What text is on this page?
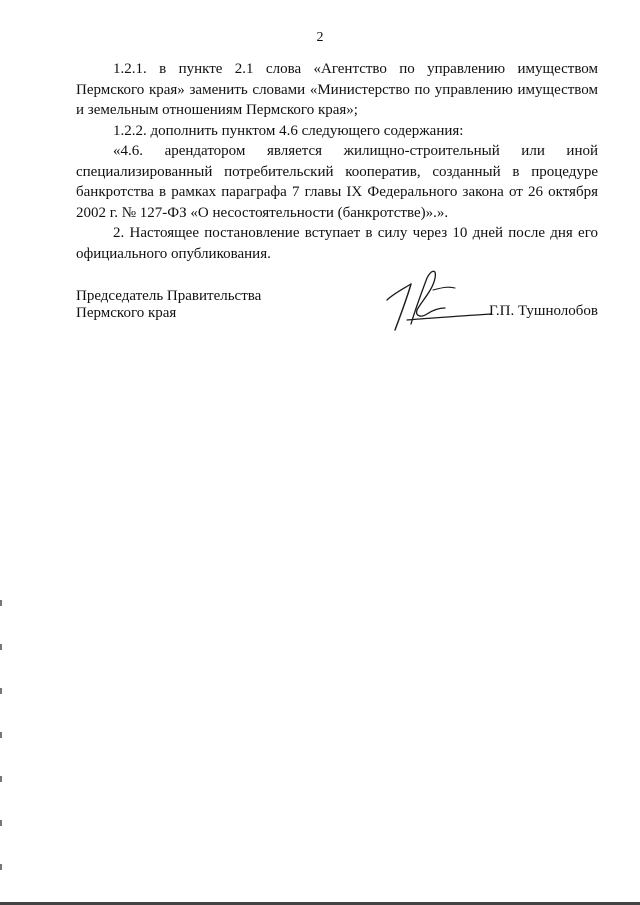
2

1.2.1. в пункте 2.1 слова «Агентство по управлению имуществом Пермского края» заменить словами «Министерство по управлению имуществом и земельным отношениям Пермского края»;

1.2.2. дополнить пунктом 4.6 следующего содержания:

«4.6. арендатором является жилищно-строительный или иной специализированный потребительский кооператив, созданный в процедуре банкротства в рамках параграфа 7 главы IX Федерального закона от 26 октября 2002 г. № 127-ФЗ «О несостоятельности (банкротстве)».».

2. Настоящее постановление вступает в силу через 10 дней после дня его официального опубликования.

Председатель Правительства
Пермского края	Г.П. Тушнолобов
